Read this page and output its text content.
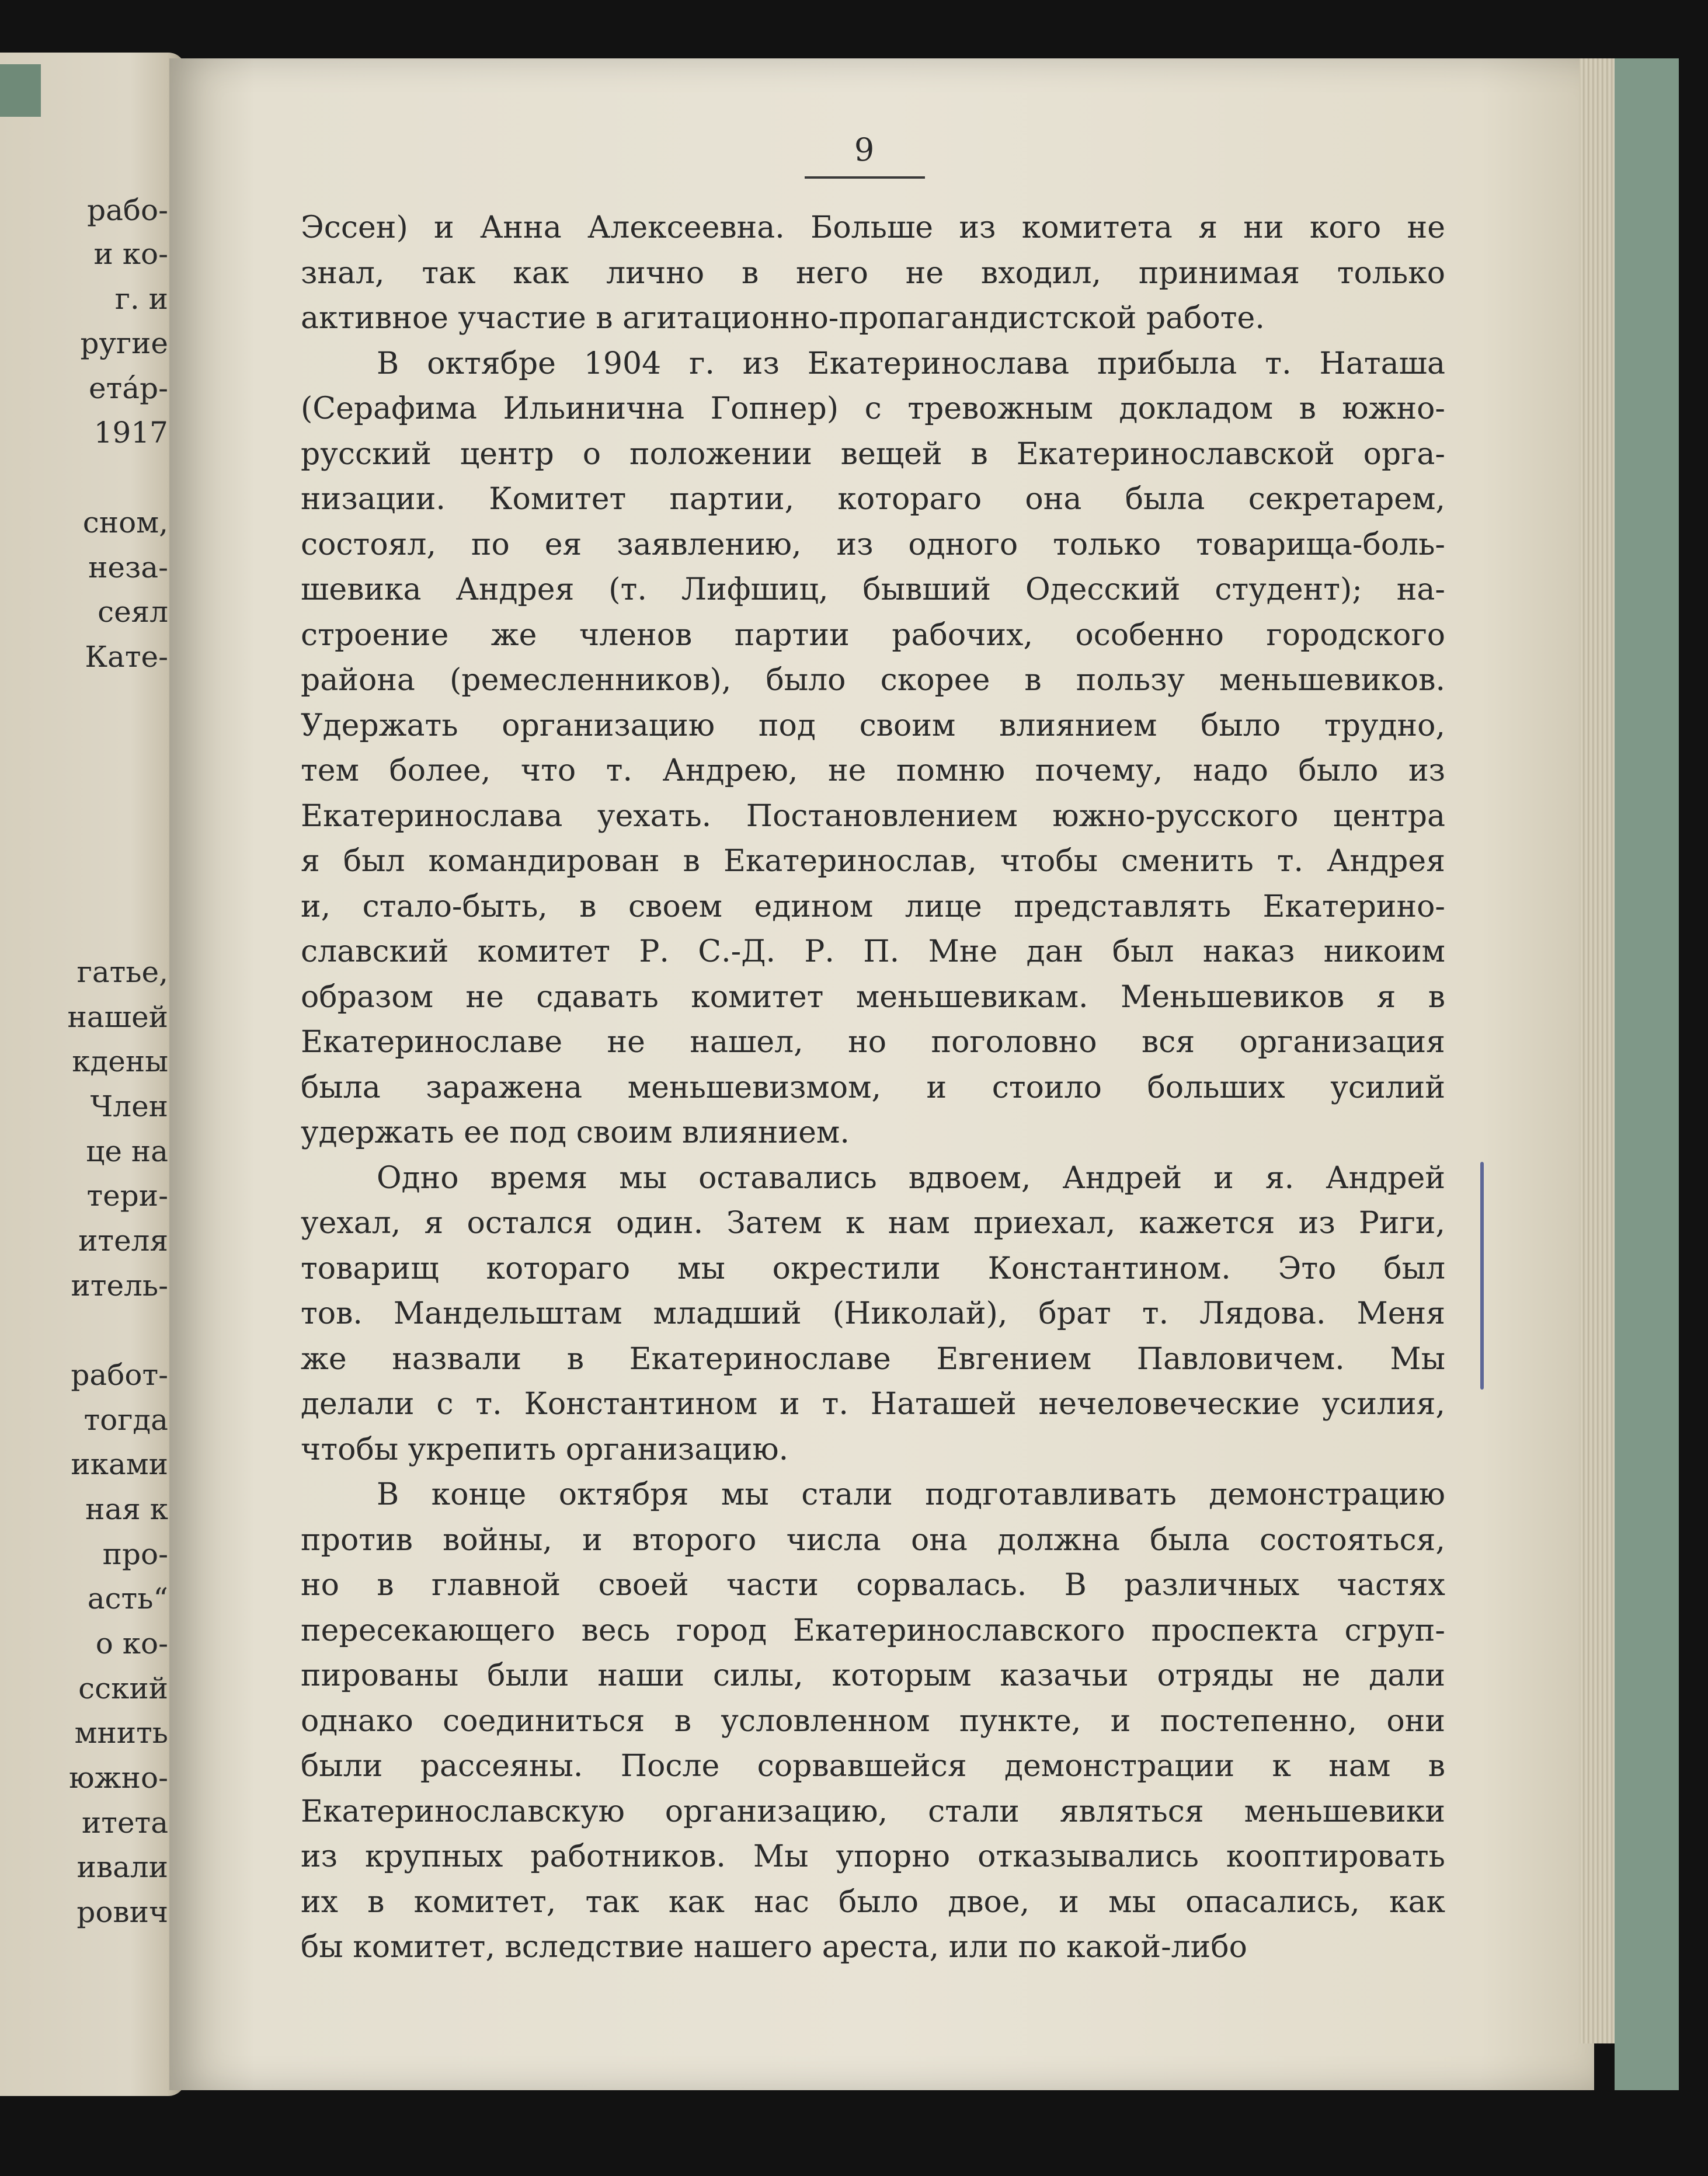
рабо-
и ко-
г. и
ругие
етáр-
1917
сном,
неза-
сеял
Кате-
гатье,
нашей
кдены
Член
це на
тери-
ителя
итель-
работ-
тогда
иками
ная к
про-
асть“
о ко-
сский
мнить
южно-
итета
ивали
рович
9
Эссен) и Анна Алексеевна. Больше из комитета я ни кого не
знал, так как лично в него не входил, принимая только
активное участие в агитационно-пропагандистской работе.
В октябре 1904 г. из Екатеринослава прибыла т. Наташа
(Серафима Ильинична Гопнер) с тревожным докладом в южно-
русский центр о положении вещей в Екатеринославской орга-
низации. Комитет партии, котораго она была секретарем,
состоял, по ея заявлению, из одного только товарища-боль-
шевика Андрея (т. Лифшиц, бывший Одесский студент); на-
строение же членов партии рабочих, особенно городского
района (ремесленников), было скорее в пользу меньшевиков.
Удержать организацию под своим влиянием было трудно,
тем более, что т. Андрею, не помню почему, надо было из
Екатеринослава уехать. Постановлением южно-русского центра
я был командирован в Екатеринослав, чтобы сменить т. Андрея
и, стало-быть, в своем едином лице представлять Екатерино-
славский комитет Р. С.-Д. Р. П. Мне дан был наказ никоим
образом не сдавать комитет меньшевикам. Меньшевиков я в
Екатеринославе не нашел, но поголовно вся организация
была заражена меньшевизмом, и стоило больших усилий
удержать ее под своим влиянием.
Одно время мы оставались вдвоем, Андрей и я. Андрей
уехал, я остался один. Затем к нам приехал, кажется из Риги,
товарищ котораго мы окрестили Константином. Это был
тов. Мандельштам младший (Николай), брат т. Лядова. Меня
же назвали в Екатеринославе Евгением Павловичем. Мы
делали с т. Константином и т. Наташей нечеловеческие усилия,
чтобы укрепить организацию.
В конце октября мы стали подготавливать демонстрацию
против войны, и второго числа она должна была состояться,
но в главной своей части сорвалась. В различных частях
пересекающего весь город Екатеринославского проспекта сгруп-
пированы были наши силы, которым казачьи отряды не дали
однако соединиться в условленном пункте, и постепенно, они
были рассеяны. После сорвавшейся демонстрации к нам в
Екатеринославскую организацию, стали являться меньшевики
из крупных работников. Мы упорно отказывались кооптировать
их в комитет, так как нас было двое, и мы опасались, как
бы комитет, вследствие нашего ареста, или по какой-либо
